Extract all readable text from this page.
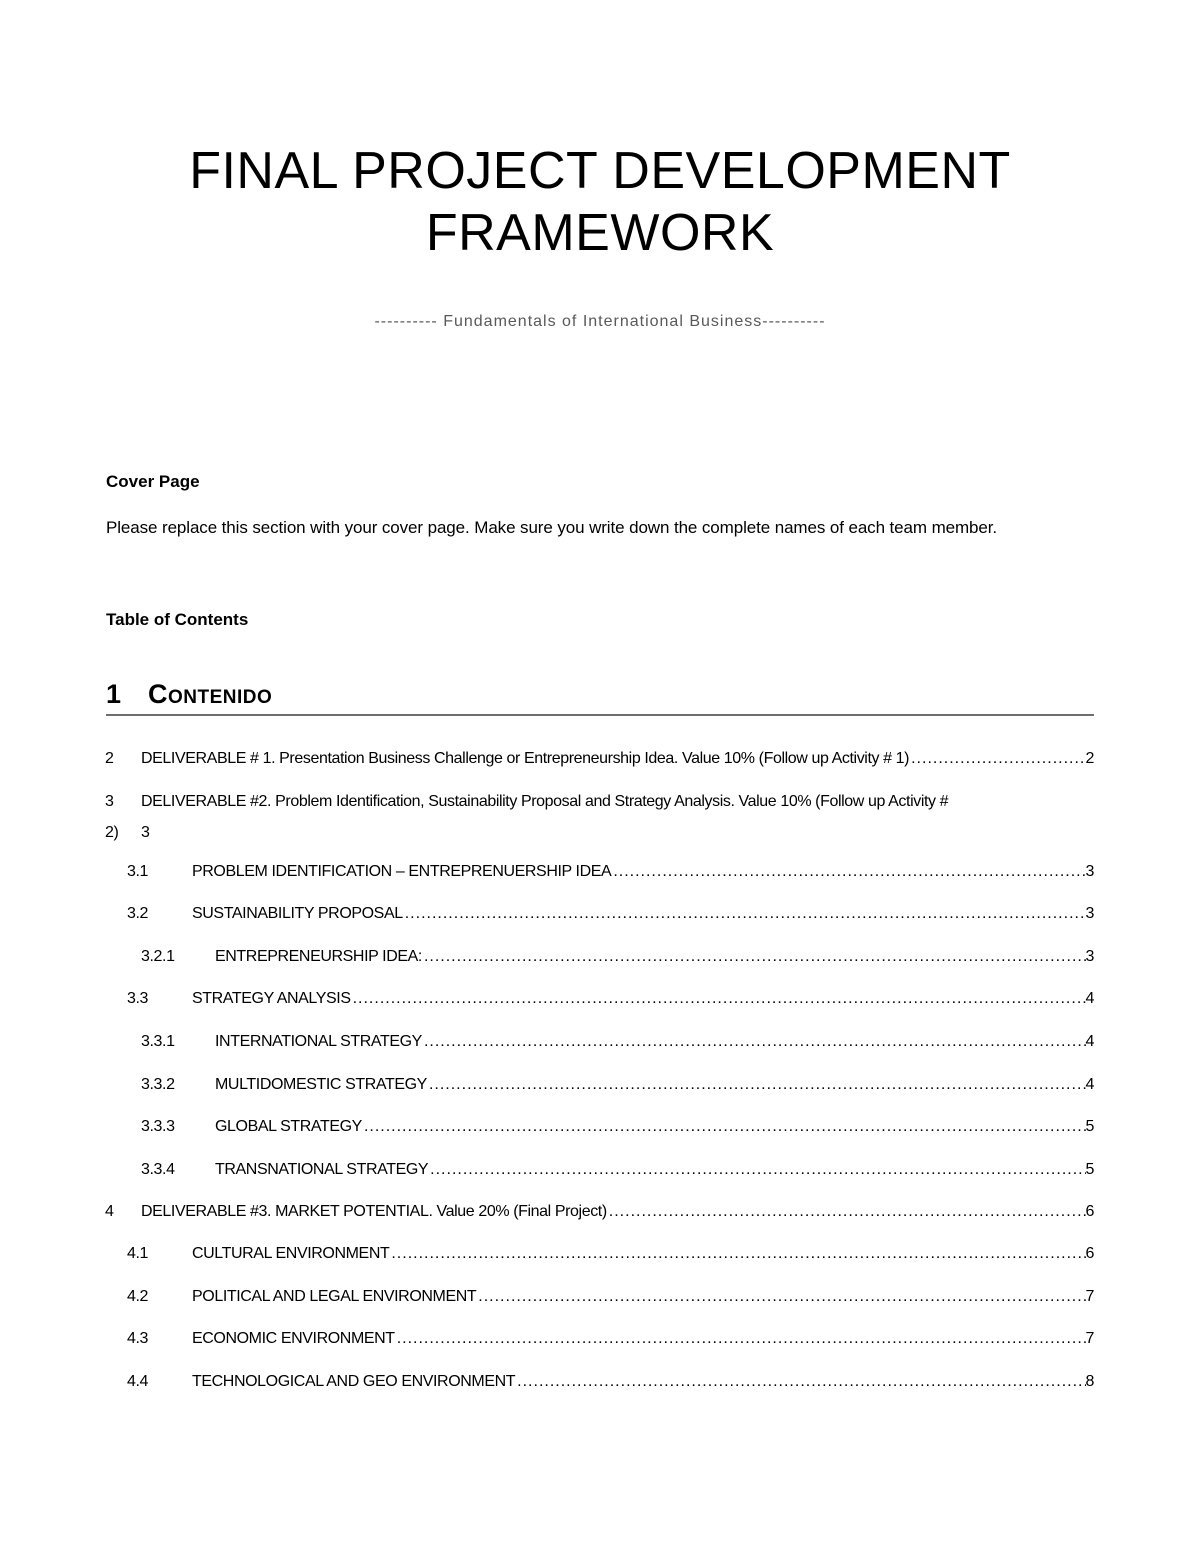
FINAL PROJECT DEVELOPMENT
FRAMEWORK
---------- Fundamentals of International Business----------
Cover Page
Please replace this section with your cover page. Make sure you write down the complete names of each team member.
Table of Contents
1 Contenido
2	DELIVERABLE # 1. Presentation Business Challenge or Entrepreneurship Idea. Value 10% (Follow up Activity # 1) .....	2
3	DELIVERABLE #2. Problem Identification, Sustainability Proposal and Strategy Analysis. Value 10% (Follow up Activity #
2)	3
3.1	PROBLEM IDENTIFICATION – ENTREPRENUERSHIP IDEA .....	3
3.2	SUSTAINABILITY PROPOSAL .....	3
3.2.1	ENTREPRENEURSHIP IDEA: .....	3
3.3	STRATEGY ANALYSIS .....	4
3.3.1	INTERNATIONAL STRATEGY .....	4
3.3.2	MULTIDOMESTIC STRATEGY .....	4
3.3.3	GLOBAL STRATEGY .....	5
3.3.4	TRANSNATIONAL STRATEGY .....	5
4	DELIVERABLE #3. MARKET POTENTIAL. Value 20% (Final Project) .....	6
4.1	CULTURAL ENVIRONMENT .....	6
4.2	POLITICAL AND LEGAL ENVIRONMENT .....	7
4.3	ECONOMIC ENVIRONMENT .....	7
4.4	TECHNOLOGICAL AND GEO ENVIRONMENT .....	8
